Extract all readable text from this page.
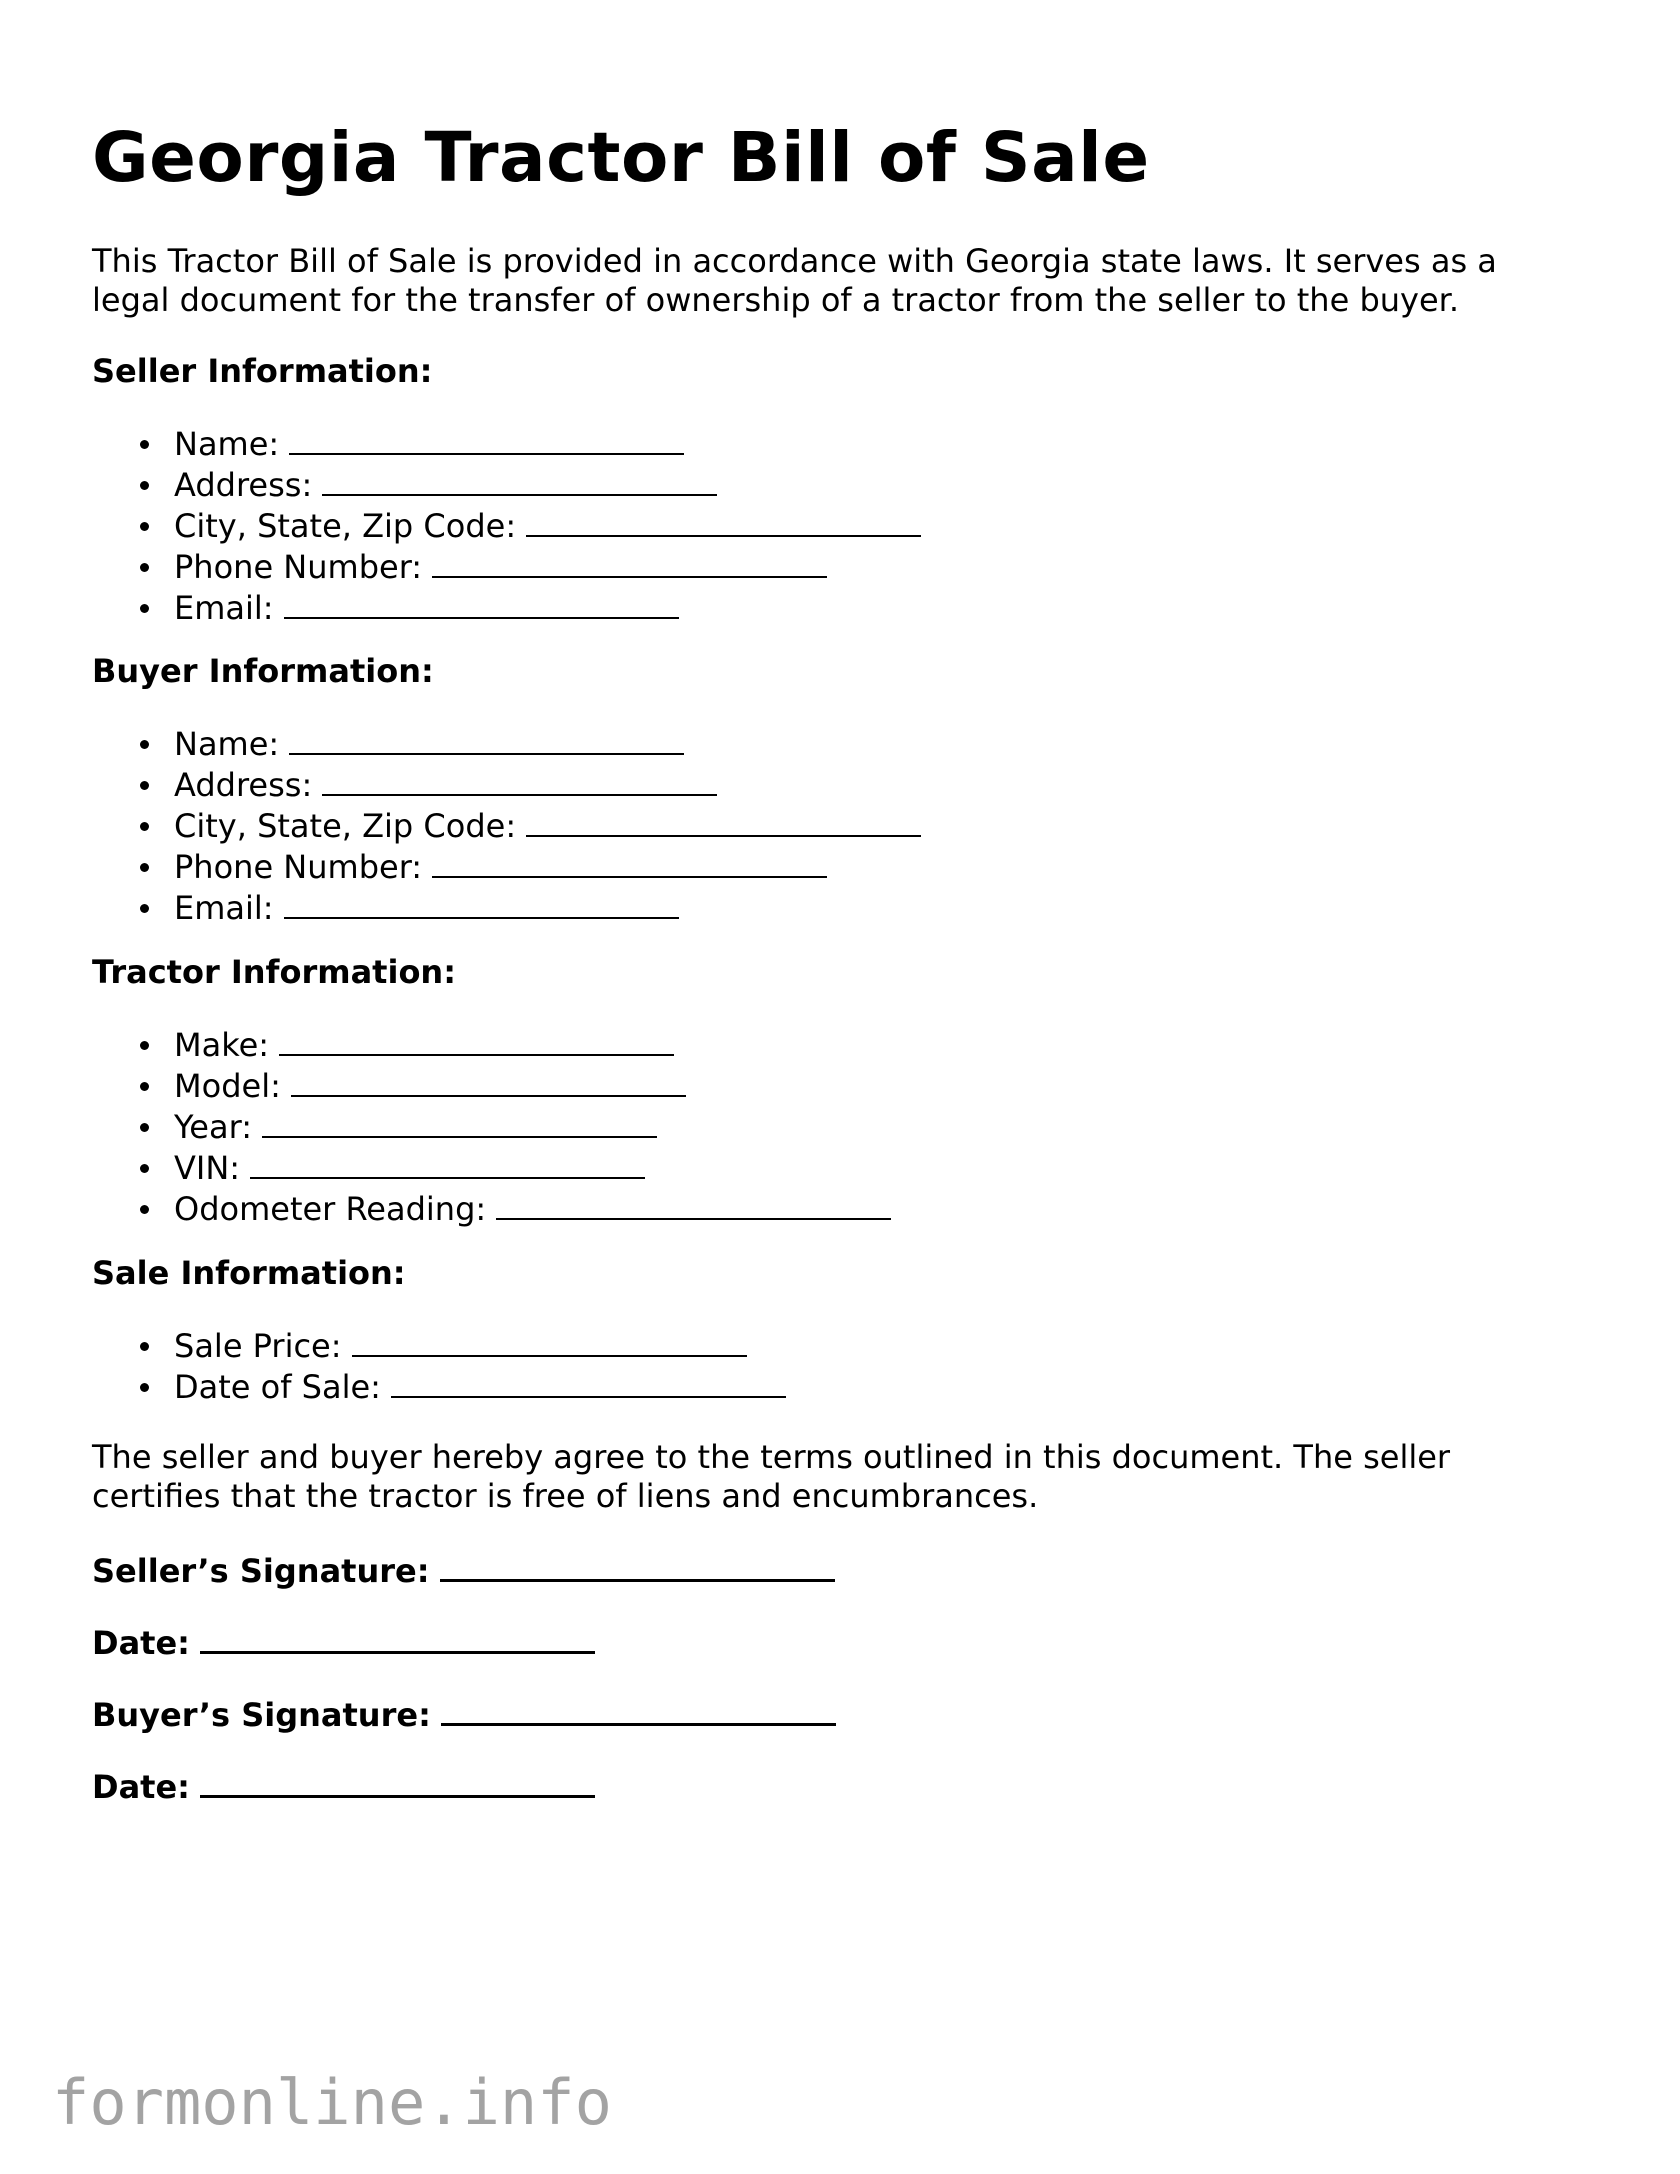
Georgia Tractor Bill of Sale

This Tractor Bill of Sale is provided in accordance with Georgia state laws. It serves as a legal document for the transfer of ownership of a tractor from the seller to the buyer.

Seller Information:

Name:
Address:
City, State, Zip Code:
Phone Number:
Email:

Buyer Information:

Name:
Address:
City, State, Zip Code:
Phone Number:
Email:

Tractor Information:

Make:
Model:
Year:
VIN:
Odometer Reading:

Sale Information:

Sale Price:
Date of Sale:

The seller and buyer hereby agree to the terms outlined in this document. The seller certifies that the tractor is free of liens and encumbrances.

Seller’s Signature:

Date:

Buyer’s Signature:

Date:

formonline.info
